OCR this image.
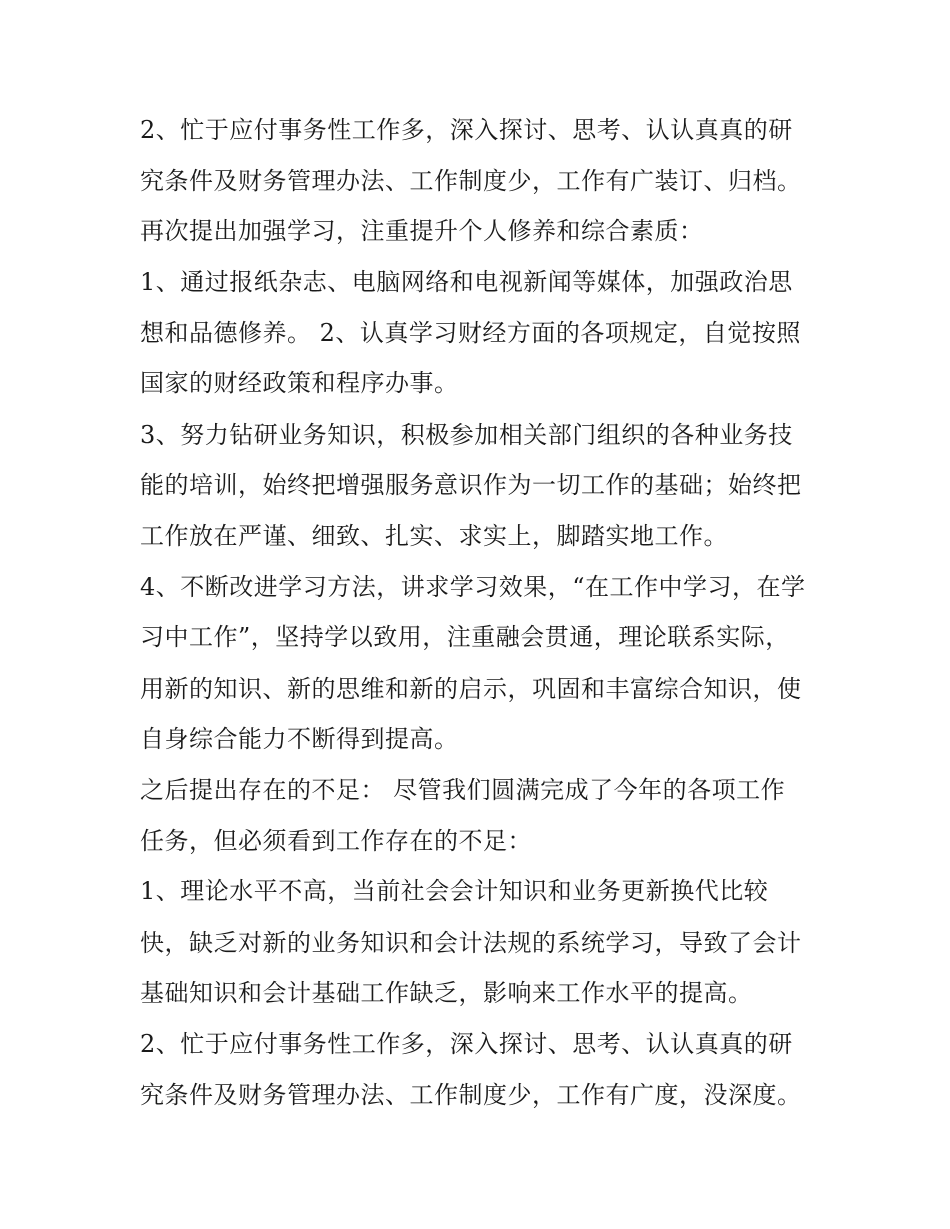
2、忙于应付事务性工作多，深入探讨、思考、认认真真的研
究条件及财务管理办法、工作制度少，工作有广装订、归档。
再次提出加强学习，注重提升个人修养和综合素质：
1、通过报纸杂志、电脑网络和电视新闻等媒体，加强政治思
想和品德修养。 2、认真学习财经方面的各项规定，自觉按照
国家的财经政策和程序办事。
3、努力钻研业务知识，积极参加相关部门组织的各种业务技
能的培训，始终把增强服务意识作为一切工作的基础；始终把
工作放在严谨、细致、扎实、求实上，脚踏实地工作。
4、不断改进学习方法，讲求学习效果，“在工作中学习，在学
习中工作”，坚持学以致用，注重融会贯通，理论联系实际，
用新的知识、新的思维和新的启示，巩固和丰富综合知识，使
自身综合能力不断得到提高。
之后提出存在的不足： 尽管我们圆满完成了今年的各项工作
任务，但必须看到工作存在的不足：
1、理论水平不高，当前社会会计知识和业务更新换代比较
快，缺乏对新的业务知识和会计法规的系统学习，导致了会计
基础知识和会计基础工作缺乏，影响来工作水平的提高。
2、忙于应付事务性工作多，深入探讨、思考、认认真真的研
究条件及财务管理办法、工作制度少，工作有广度，没深度。
